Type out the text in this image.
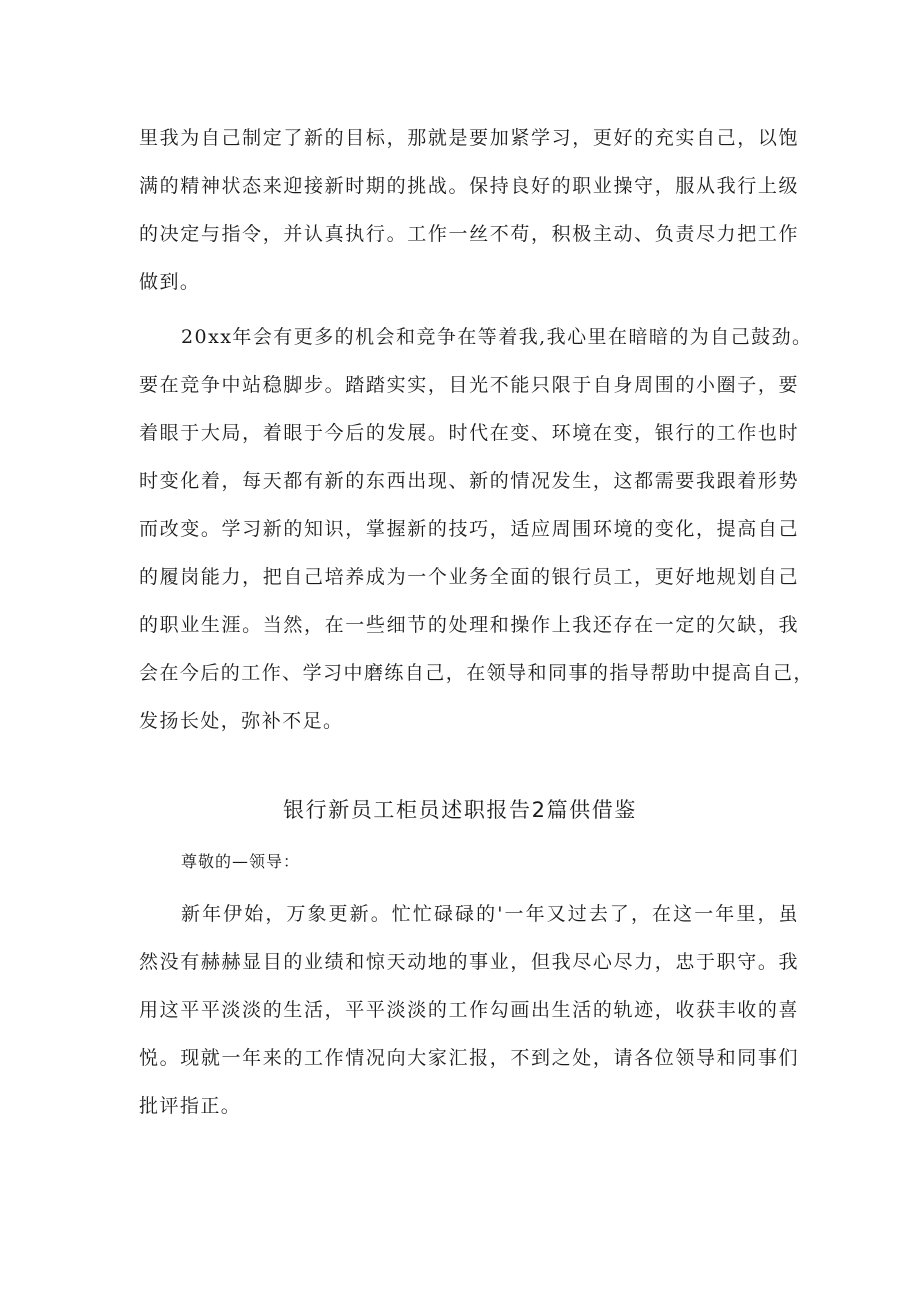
里我为自己制定了新的目标，那就是要加紧学习，更好的充实自己，以饱
满的精神状态来迎接新时期的挑战。保持良好的职业操守，服从我行上级
的决定与指令，并认真执行。工作一丝不苟，积极主动、负责尽力把工作
做到。
20xx年会有更多的机会和竞争在等着我,我心里在暗暗的为自己鼓劲。
要在竞争中站稳脚步。踏踏实实，目光不能只限于自身周围的小圈子，要
着眼于大局，着眼于今后的发展。时代在变、环境在变，银行的工作也时
时变化着，每天都有新的东西出现、新的情况发生，这都需要我跟着形势
而改变。学习新的知识，掌握新的技巧，适应周围环境的变化，提高自己
的履岗能力，把自己培养成为一个业务全面的银行员工，更好地规划自己
的职业生涯。当然，在一些细节的处理和操作上我还存在一定的欠缺，我
会在今后的工作、学习中磨练自己，在领导和同事的指导帮助中提高自己，
发扬长处，弥补不足。
银行新员工柜员述职报告2篇供借鉴
尊敬的—领导：
新年伊始，万象更新。忙忙碌碌的'一年又过去了，在这一年里，虽
然没有赫赫显目的业绩和惊天动地的事业，但我尽心尽力，忠于职守。我
用这平平淡淡的生活，平平淡淡的工作勾画出生活的轨迹，收获丰收的喜
悦。现就一年来的工作情况向大家汇报，不到之处，请各位领导和同事们
批评指正。
